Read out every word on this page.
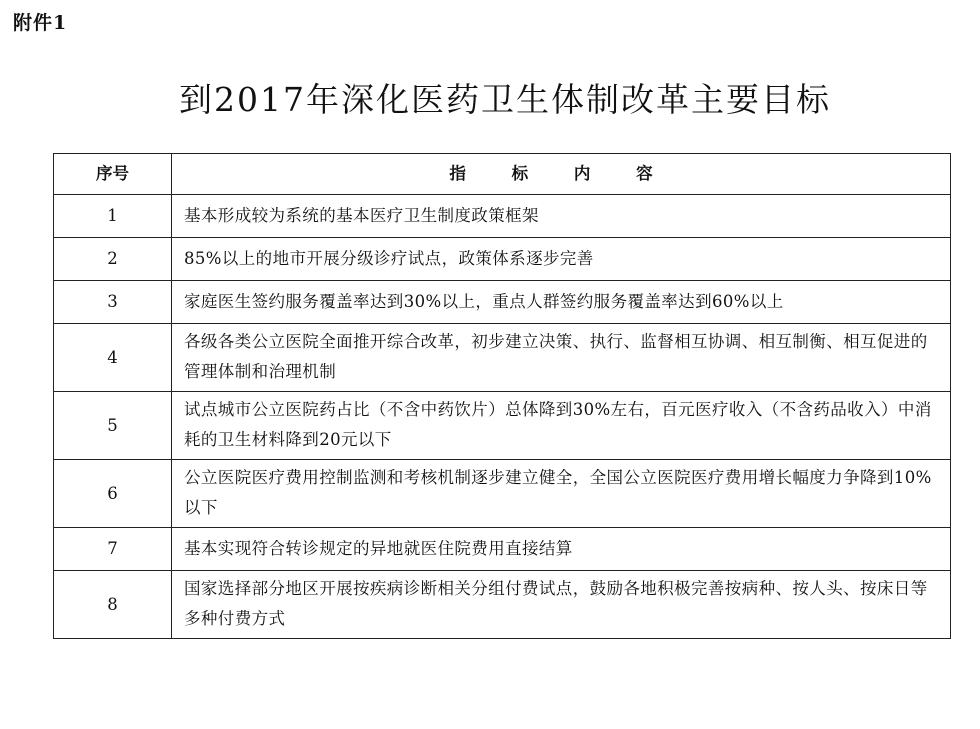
附件1
到2017年深化医药卫生体制改革主要目标
序号	指 标 内 容
1	基本形成较为系统的基本医疗卫生制度政策框架
2	85%以上的地市开展分级诊疗试点，政策体系逐步完善
3	家庭医生签约服务覆盖率达到30%以上，重点人群签约服务覆盖率达到60%以上
4	各级各类公立医院全面推开综合改革，初步建立决策、执行、监督相互协调、相互制衡、相互促进的管理体制和治理机制
5	试点城市公立医院药占比（不含中药饮片）总体降到30%左右，百元医疗收入（不含药品收入）中消耗的卫生材料降到20元以下
6	公立医院医疗费用控制监测和考核机制逐步建立健全，全国公立医院医疗费用增长幅度力争降到10%以下
7	基本实现符合转诊规定的异地就医住院费用直接结算
8	国家选择部分地区开展按疾病诊断相关分组付费试点，鼓励各地积极完善按病种、按人头、按床日等多种付费方式
